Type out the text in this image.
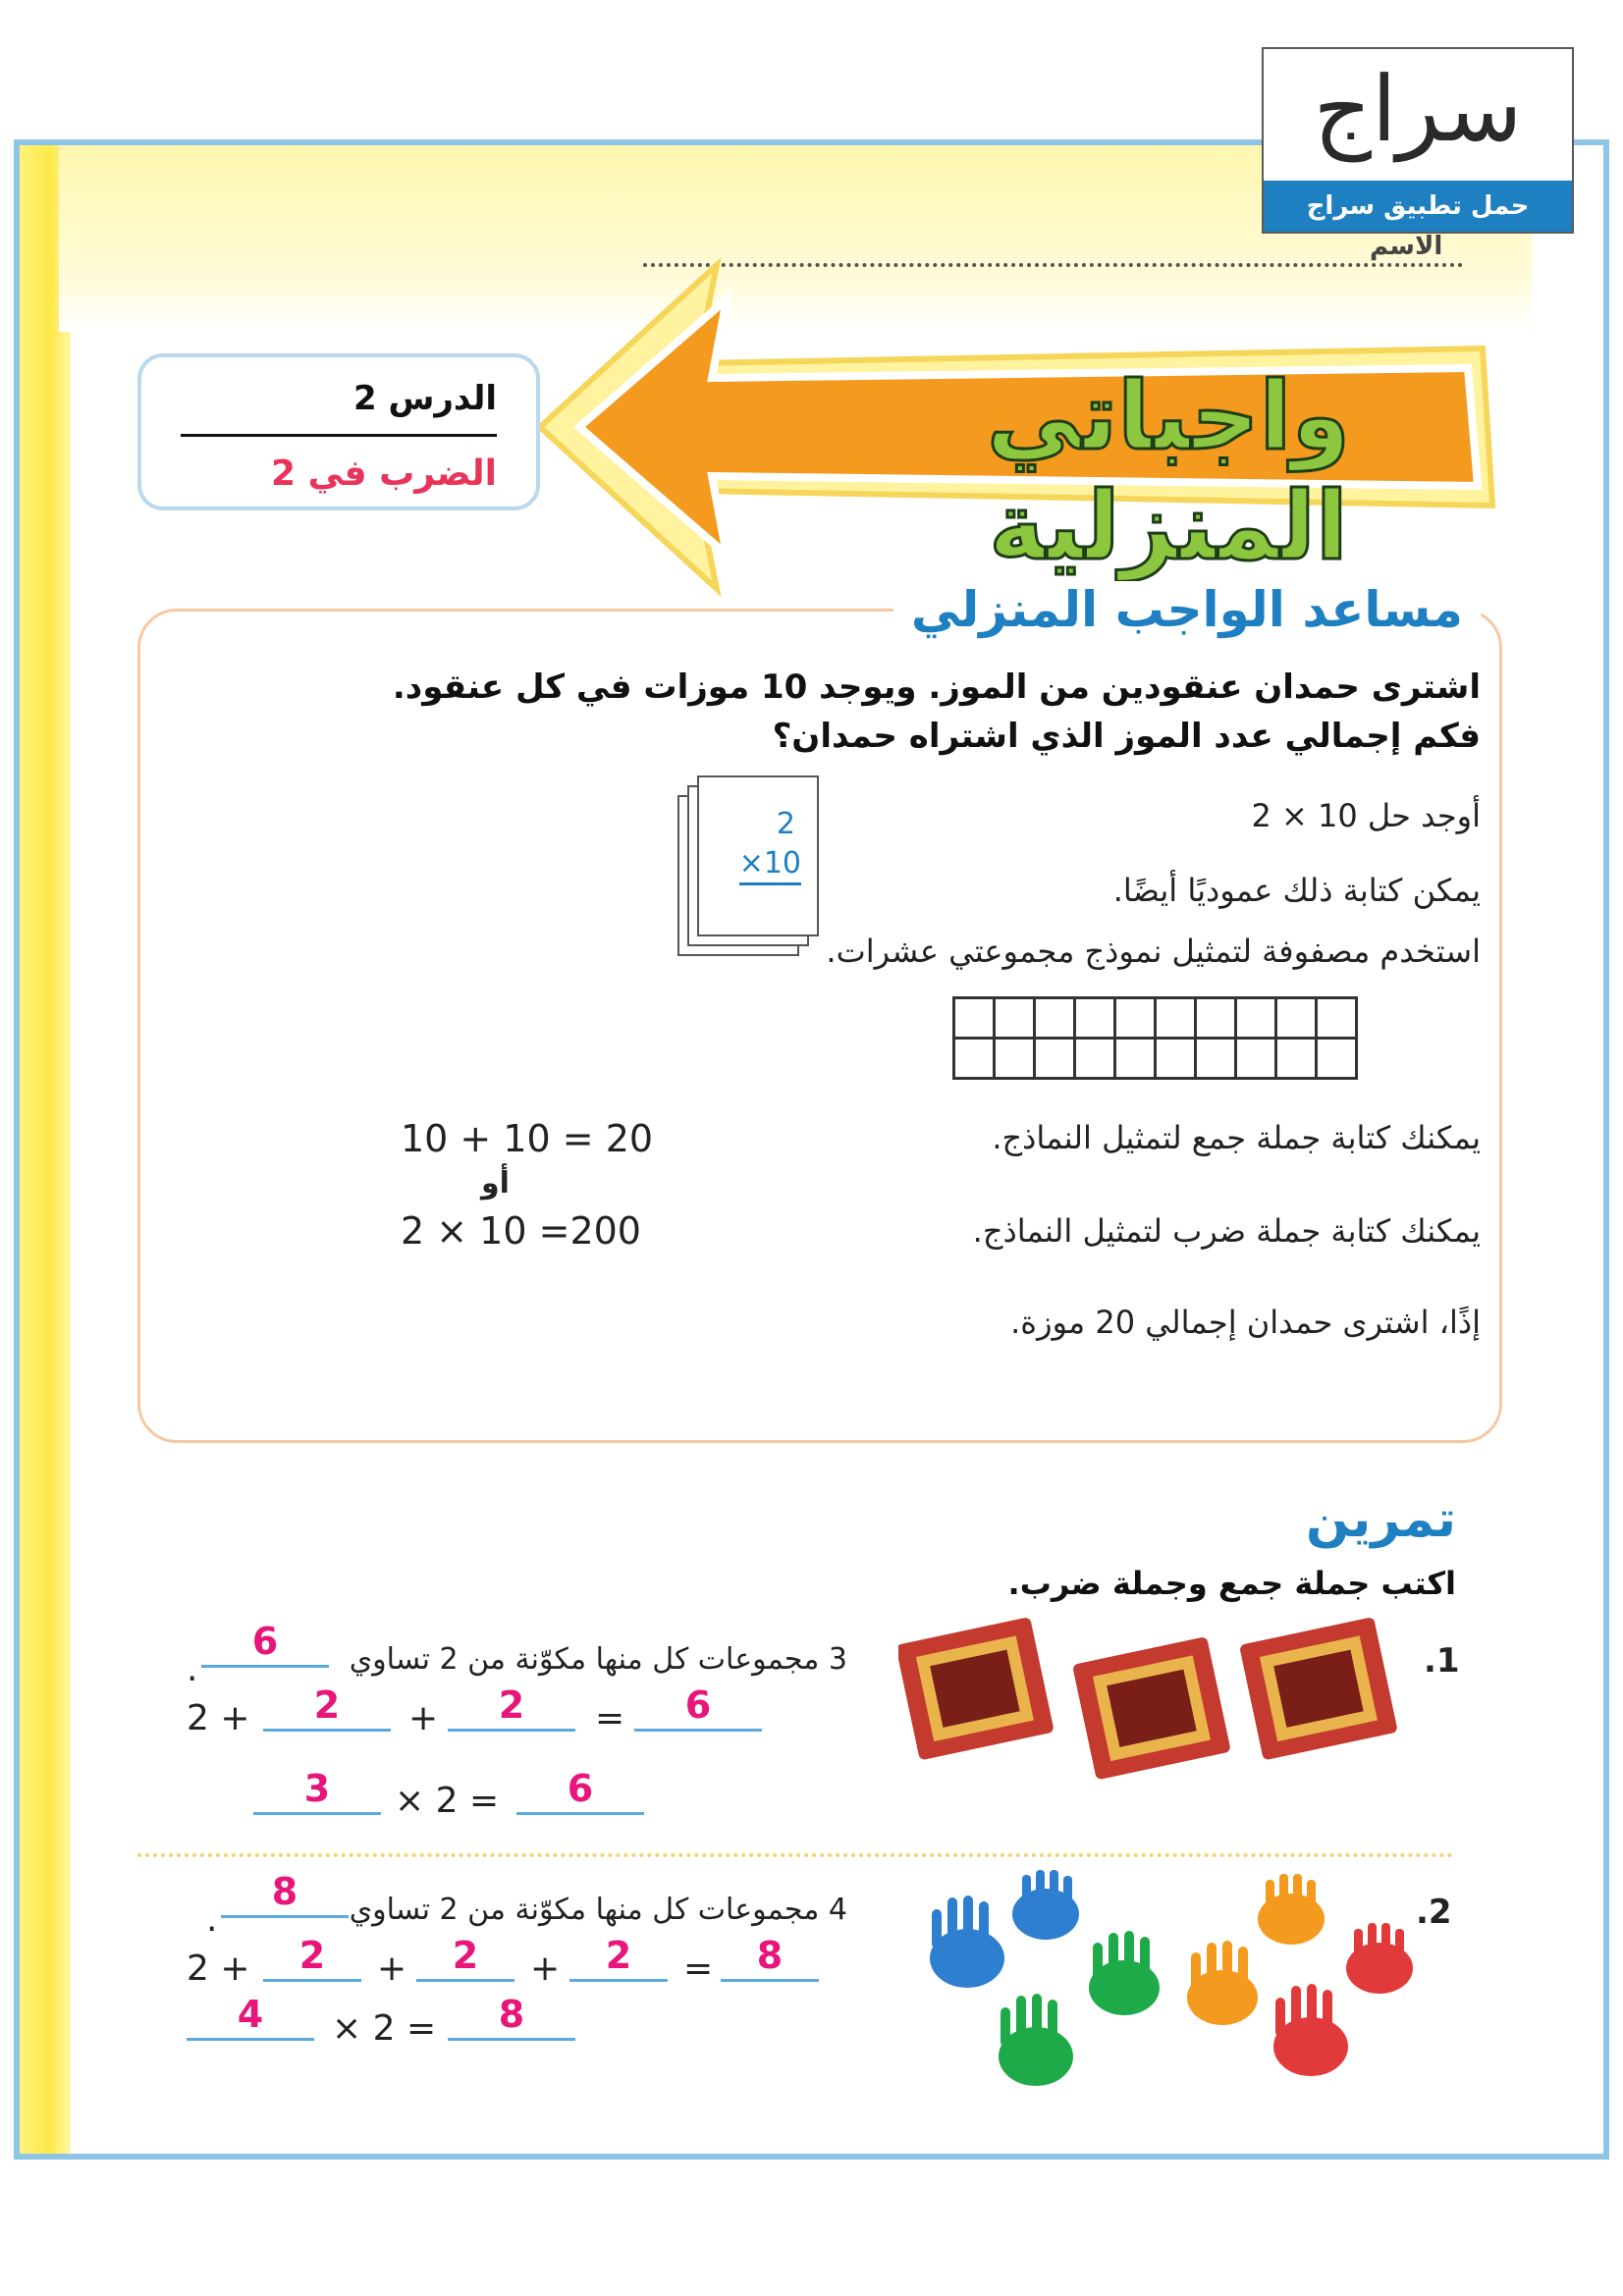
سراج
حمل تطبيق سراج
الاسم
واجباتي المنزلية
الدرس 2
الضرب في 2
مساعد الواجب المنزلي
اشترى حمدان عنقودين من الموز. ويوجد 10 موزات في كل عنقود.
فكم إجمالي عدد الموز الذي اشتراه حمدان؟
أوجد حل 10 × 2
يمكن كتابة ذلك عموديًا أيضًا.
استخدم مصفوفة لتمثيل نموذج مجموعتي عشرات.
يمكنك كتابة جملة جمع لتمثيل النماذج.
يمكنك كتابة جملة ضرب لتمثيل النماذج.
إذًا، اشترى حمدان إجمالي 20 موزة.
2
×10

10 + 10 = 20
أو
2 × 10 =200
تمرين
اكتب جملة جمع وجملة ضرب.
1.
3 مجموعات كل منها مكوّنة من 2 تساوي
6
.
2 +	2	+	2	=	6
3	× 2 =	6
2.
4 مجموعات كل منها مكوّنة من 2 تساوي
8
.
2 +	2	+	2	+	2	=	8
4	× 2 =	8
